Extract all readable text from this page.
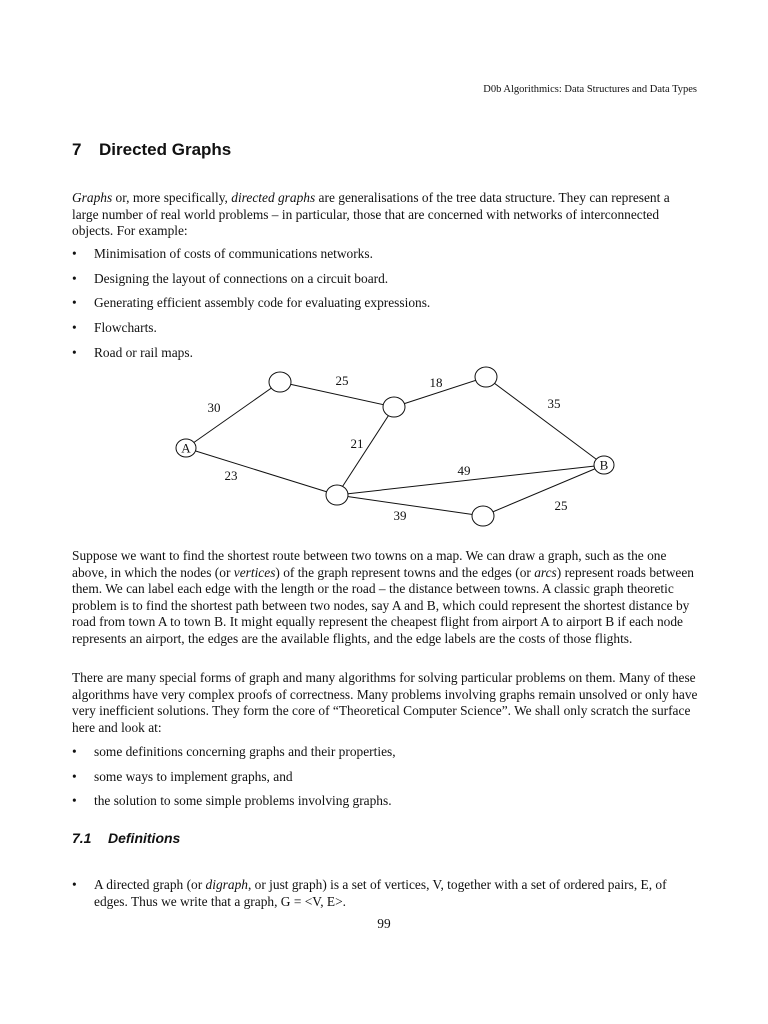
D0b Algorithmics: Data Structures and Data Types
7 Directed Graphs

Graphs or, more specifically, directed graphs are generalisations of the tree data structure. They can represent a large number of real world problems – in particular, those that are concerned with networks of interconnected objects. For example:

• Minimisation of costs of communications networks.
• Designing the layout of connections on a circuit board.
• Generating efficient assembly code for evaluating expressions.
• Flowcharts.
• Road or rail maps.
A
B
30
25	18
35
21
49
23
39
25

Suppose we want to find the shortest route between two towns on a map. We can draw a graph, such as the one above, in which the nodes (or vertices) of the graph represent towns and the edges (or arcs) represent roads between them. We can label each edge with the length or the road – the distance between towns. A classic graph theoretic problem is to find the shortest path between two nodes, say A and B, which could represent the shortest distance by road from town A to town B. It might equally represent the cheapest flight from airport A to airport B if each node represents an airport, the edges are the available flights, and the edge labels are the costs of those flights.

There are many special forms of graph and many algorithms for solving particular problems on them. Many of these algorithms have very complex proofs of correctness. Many problems involving graphs remain unsolved or only have very inefficient solutions. They form the core of “Theoretical Computer Science”. We shall only scratch the surface here and look at:

• some definitions concerning graphs and their properties,
• some ways to implement graphs, and
• the solution to some simple problems involving graphs.
7.1 Definitions
• A directed graph (or digraph, or just graph) is a set of vertices, V, together with a set of ordered pairs, E, of edges. Thus we write that a graph, G = <V, E>.
99
